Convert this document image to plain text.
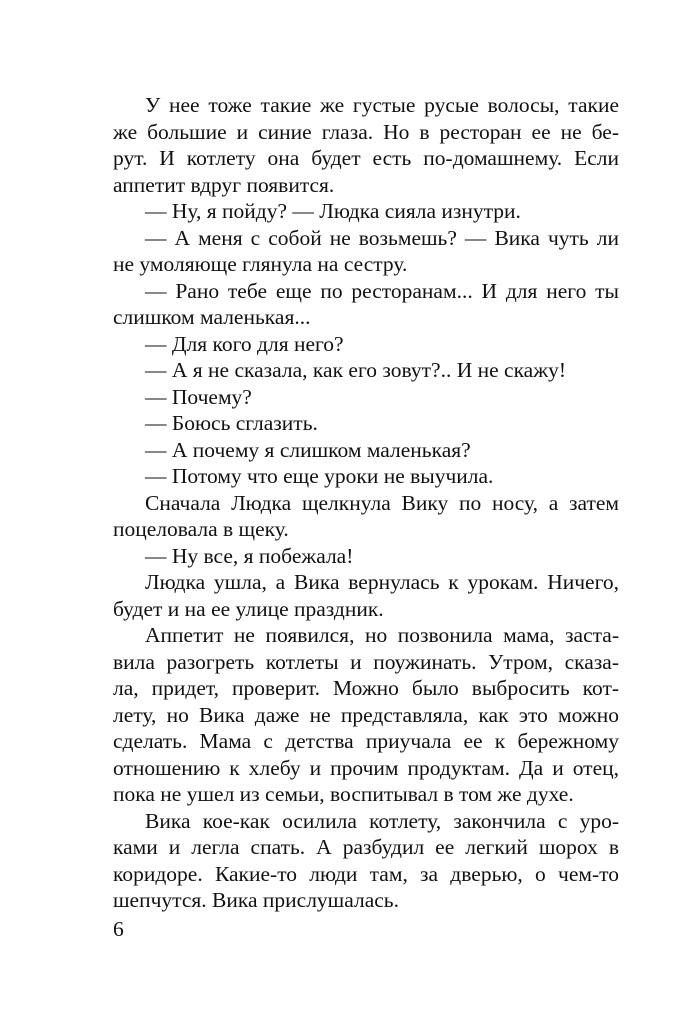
У нее тоже такие же густые русые волосы, такие
же большие и синие глаза. Но в ресторан ее не бе-
рут. И котлету она будет есть по-домашнему. Если
аппетит вдруг появится.
— Ну, я пойду? — Людка сияла изнутри.
— А меня с собой не возьмешь? — Вика чуть ли
не умоляюще глянула на сестру.
— Рано тебе еще по ресторанам... И для него ты
слишком маленькая...
— Для кого для него?
— А я не сказала, как его зовут?.. И не скажу!
— Почему?
— Боюсь сглазить.
— А почему я слишком маленькая?
— Потому что еще уроки не выучила.
Сначала Людка щелкнула Вику по носу, а затем
поцеловала в щеку.
— Ну все, я побежала!
Людка ушла, а Вика вернулась к урокам. Ничего,
будет и на ее улице праздник.
Аппетит не появился, но позвонила мама, заста-
вила разогреть котлеты и поужинать. Утром, сказа-
ла, придет, проверит. Можно было выбросить кот-
лету, но Вика даже не представляла, как это можно
сделать. Мама с детства приучала ее к бережному
отношению к хлебу и прочим продуктам. Да и отец,
пока не ушел из семьи, воспитывал в том же духе.
Вика кое-как осилила котлету, закончила с уро-
ками и легла спать. А разбудил ее легкий шорох в
коридоре. Какие-то люди там, за дверью, о чем-то
шепчутся. Вика прислушалась.
6
